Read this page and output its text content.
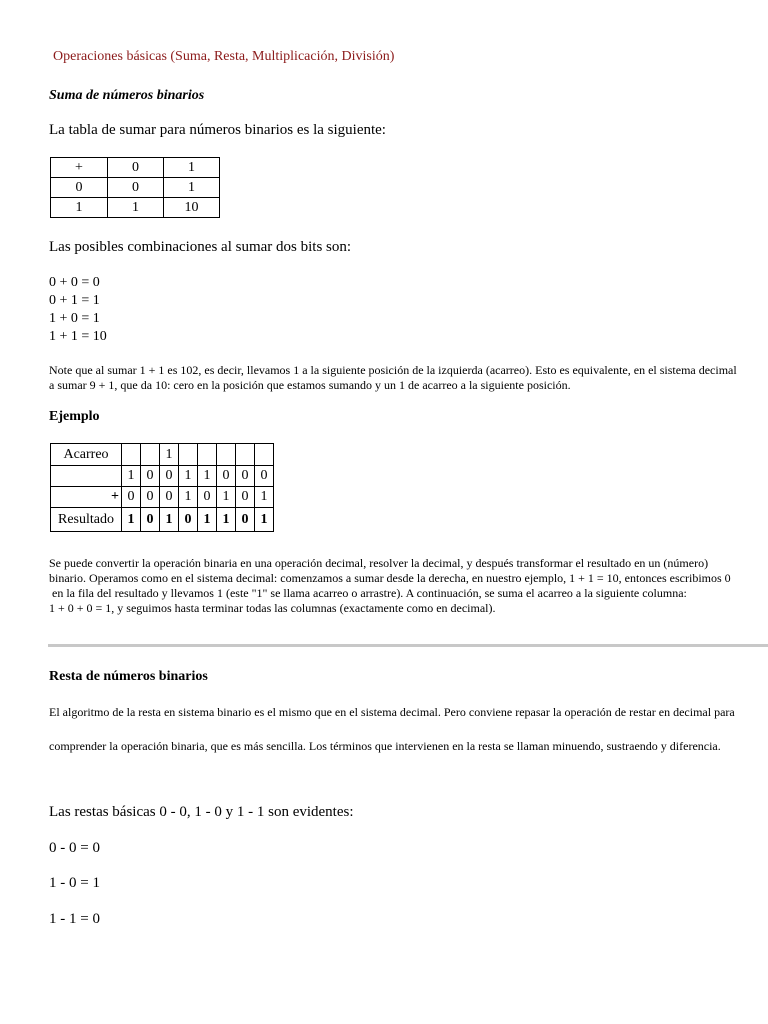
Operaciones básicas (Suma, Resta, Multiplicación, División)
Suma de números binarios
La tabla de sumar para números binarios es la siguiente:
+	0	1
0	0	1
1	1	10
Las posibles combinaciones al sumar dos bits son:
0 + 0 = 0
0 + 1 = 1
1 + 0 = 1
1 + 1 = 10
Note que al sumar 1 + 1 es 102, es decir, llevamos 1 a la siguiente posición de la izquierda (acarreo). Esto es equivalente, en el sistema decimal a sumar 9 + 1, que da 10: cero en la posición que estamos sumando y un 1 de acarreo a la siguiente posición.
Ejemplo
Acarreo			1					
	1	0	0	1	1	0	0	0
+	0	0	0	1	0	1	0	1
Resultado	1	0	1	0	1	1	0	1
Se puede convertir la operación binaria en una operación decimal, resolver la decimal, y después transformar el resultado en un (número)
binario. Operamos como en el sistema decimal: comenzamos a sumar desde la derecha, en nuestro ejemplo, 1 + 1 = 10, entonces escribimos 0
en la fila del resultado y llevamos 1 (este "1" se llama acarreo o arrastre). A continuación, se suma el acarreo a la siguiente columna:
1 + 0 + 0 = 1, y seguimos hasta terminar todas las columnas (exactamente como en decimal).
Resta de números binarios
El algoritmo de la resta en sistema binario es el mismo que en el sistema decimal. Pero conviene repasar la operación de restar en decimal para comprender la operación binaria, que es más sencilla. Los términos que intervienen en la resta se llaman minuendo, sustraendo y diferencia.
Las restas básicas 0 - 0, 1 - 0 y 1 - 1 son evidentes:
0 - 0 = 0
1 - 0 = 1
1 - 1 = 0
